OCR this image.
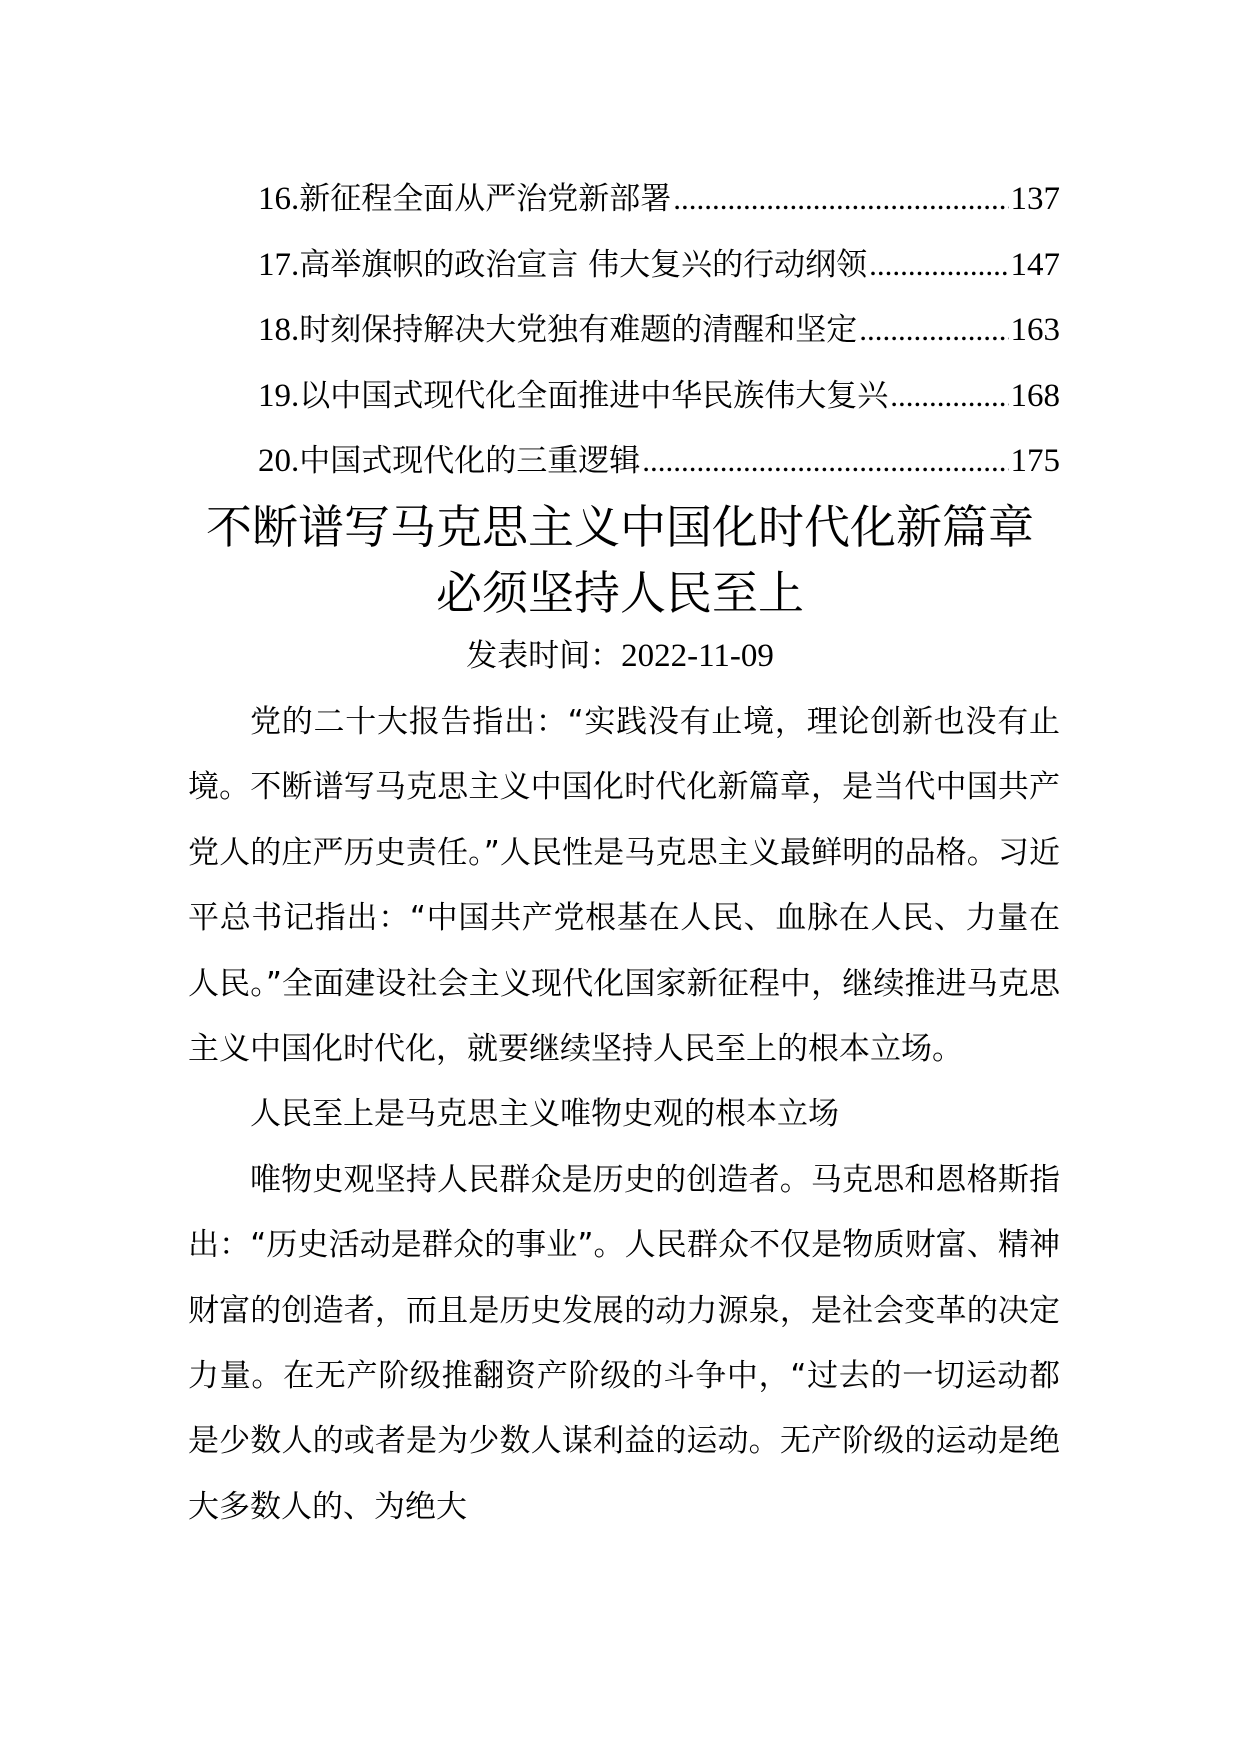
16. 新征程全面从严治党新部署 .....	137
17. 高举旗帜的政治宣言 伟大复兴的行动纲领 .....	147
18. 时刻保持解决大党独有难题的清醒和坚定 .....	163
19. 以中国式现代化全面推进中华民族伟大复兴 .....	168
20. 中国式现代化的三重逻辑 .....	175
不断谱写马克思主义中国化时代化新篇章
必须坚持人民至上
发表时间：2022-11-09

党的二十大报告指出：“实践没有止境，理论创新也没有止境。不断谱写马克思主义中国化时代化新篇章，是当代中国共产党人的庄严历史责任。”人民性是马克思主义最鲜明的品格。习近平总书记指出：“中国共产党根基在人民、血脉在人民、力量在人民。”全面建设社会主义现代化国家新征程中，继续推进马克思主义中国化时代化，就要继续坚持人民至上的根本立场。

人民至上是马克思主义唯物史观的根本立场

唯物史观坚持人民群众是历史的创造者。马克思和恩格斯指出：“历史活动是群众的事业”。人民群众不仅是物质财富、精神财富的创造者，而且是历史发展的动力源泉，是社会变革的决定力量。在无产阶级推翻资产阶级的斗争中，“过去的一切运动都是少数人的或者是为少数人谋利益的运动。无产阶级的运动是绝大多数人的、为绝大
